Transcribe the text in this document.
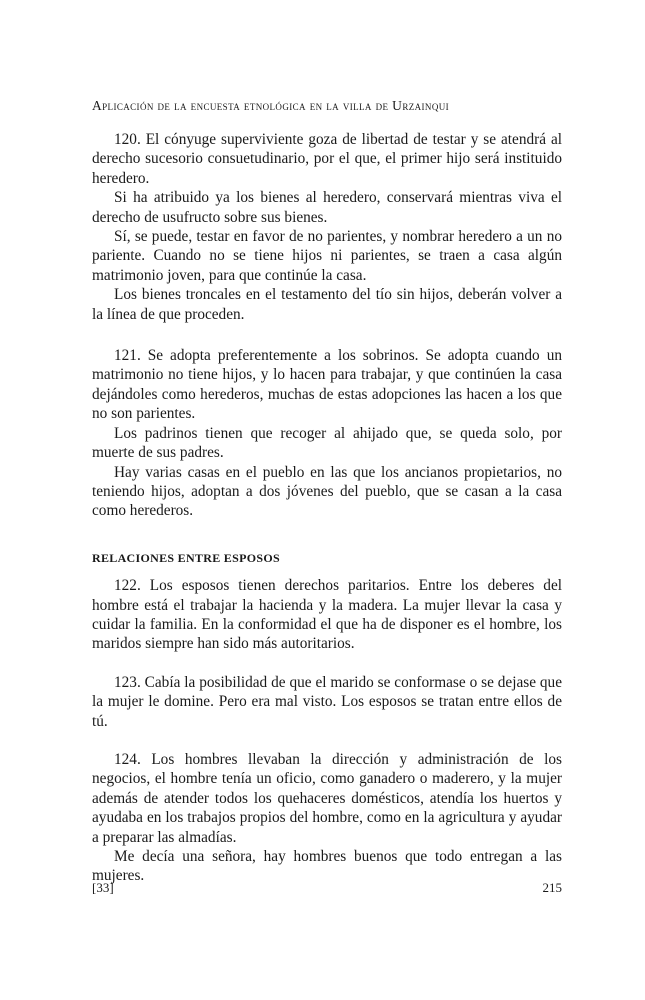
Aplicación de la encuesta etnológica en la villa de Urzainqui

120. El cónyuge superviviente goza de libertad de testar y se atendrá al derecho sucesorio consuetudinario, por el que, el primer hijo será instituido heredero.

Si ha atribuido ya los bienes al heredero, conservará mientras viva el derecho de usufructo sobre sus bienes.

Sí, se puede, testar en favor de no parientes, y nombrar heredero a un no pariente. Cuando no se tiene hijos ni parientes, se traen a casa algún matrimonio joven, para que continúe la casa.

Los bienes troncales en el testamento del tío sin hijos, deberán volver a la línea de que proceden.

121. Se adopta preferentemente a los sobrinos. Se adopta cuando un matrimonio no tiene hijos, y lo hacen para trabajar, y que continúen la casa dejándoles como herederos, muchas de estas adopciones las hacen a los que no son parientes.

Los padrinos tienen que recoger al ahijado que, se queda solo, por muerte de sus padres.

Hay varias casas en el pueblo en las que los ancianos propietarios, no teniendo hijos, adoptan a dos jóvenes del pueblo, que se casan a la casa como herederos.

RELACIONES ENTRE ESPOSOS

122. Los esposos tienen derechos paritarios. Entre los deberes del hombre está el trabajar la hacienda y la madera. La mujer llevar la casa y cuidar la familia. En la conformidad el que ha de disponer es el hombre, los maridos siempre han sido más autoritarios.

123. Cabía la posibilidad de que el marido se conformase o se dejase que la mujer le domine. Pero era mal visto. Los esposos se tratan entre ellos de tú.

124. Los hombres llevaban la dirección y administración de los negocios, el hombre tenía un oficio, como ganadero o maderero, y la mujer además de atender todos los quehaceres domésticos, atendía los huertos y ayudaba en los trabajos propios del hombre, como en la agricultura y ayudar a preparar las almadías.

Me decía una señora, hay hombres buenos que todo entregan a las mujeres.

[33]	215
